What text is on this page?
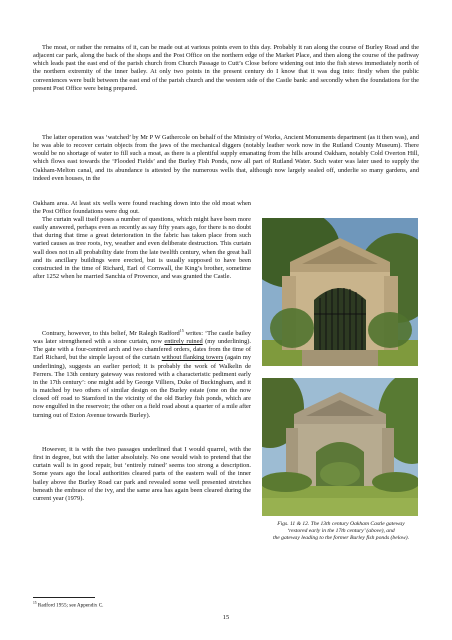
The moat, or rather the remains of it, can be made out at various points even to this day. Probably it ran along the course of Burley Road and the adjacent car park, along the back of the shops and the Post Office on the northern edge of the Market Place, and then along the course of the pathway which leads past the east end of the parish church from Church Passage to Cutt’s Close before widening out into the fish stews immediately north of the northern extremity of the inner bailey. At only two points in the present century do I know that it was dug into: firstly when the public conveniences were built between the east end of the parish church and the western side of the Castle bank: and secondly when the foundations for the present Post Office were being prepared.

The latter operation was ‘watched’ by Mr P W Gathercole on behalf of the Ministry of Works, Ancient Monuments department (as it then was), and he was able to recover certain objects from the jaws of the mechanical diggers (notably leather work now in the Rutland County Museum). There would be no shortage of water to fill such a moat, as there is a plentiful supply emanating from the hills around Oakham, notably Cold Overton Hill, which flows east towards the ‘Flooded Fields’ and the Burley Fish Ponds, now all part of Rutland Water. Such water was later used to supply the Oakham-Melton canal, and its abundance is attested by the numerous wells that, although now largely sealed off, underlie so many gardens, and indeed even houses, in the

Oakham area. At least six wells were found reaching down into the old moat when the Post Office foundations were dug out.

The curtain wall itself poses a number of questions, which might have been more easily answered, perhaps even as recently as say fifty years ago, for there is no doubt that during that time a great deterioration in the fabric has taken place from such varied causes as tree roots, ivy, weather and even deliberate destruction. This curtain wall does not in all probability date from the late twelfth century, when the great hall and its ancillary buildings were erected, but is usually supposed to have been constructed in the time of Richard, Earl of Cornwall, the King’s brother, sometime after 1252 when he married Sanchia of Provence, and was granted the Castle.

Contrary, however, to this belief, Mr Ralegh Radford$^{15}$ writes: ‘The castle bailey was later strengthened with a stone curtain, now entirely ruined (my underlining). The gate with a four-centred arch and two chamfered orders, dates from the time of Earl Richard, but the simple layout of the curtain without flanking towers (again my underlining), suggests an earlier period; it is probably the work of Walkelin de Ferrers. The 13th century gateway was restored with a characteristic pediment early in the 17th century’: one might add by George Villiers, Duke of Buckingham, and it is matched by two others of similar design on the Burley estate (one on the now closed off road to Stamford in the vicinity of the old Burley fish ponds, which are now engulfed in the reservoir; the other on a field road about a quarter of a mile after turning out of Exton Avenue towards Burley).

However, it is with the two passages underlined that I would quarrel, with the first in degree, but with the latter absolutely. No one would wish to pretend that the curtain wall is in good repair, but ‘entirely ruined’ seems too strong a description. Some years ago the local authorities cleared parts of the eastern wall of the inner bailey above the Burley Road car park and revealed some well presented stretches beneath the embrace of the ivy, and the same area has again been cleared during the current year (1979).

Figs. 11 & 12. The 13th century Oakham Castle gateway
‘restored early in the 17th century’ (above), and
the gateway leading to the former Burley fish ponds (below).
$^{15}$ Radford 1955; see Appendix C.
15
